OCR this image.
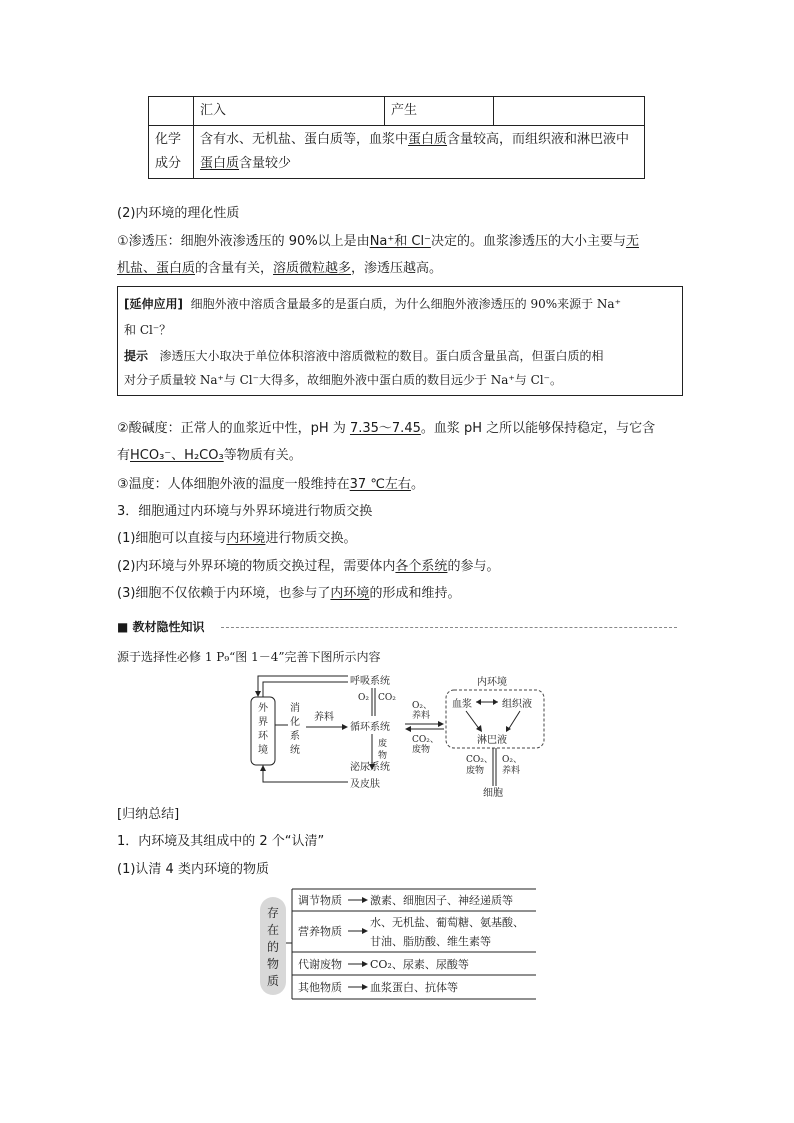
	汇入	产生	
化学
成分	含有水、无机盐、蛋白质等，血浆中蛋白质含量较高，而组织液和淋巴液中蛋白质含量较少		
(2)内环境的理化性质
①渗透压：细胞外液渗透压的 90%以上是由Na⁺和 Cl⁻决定的。血浆渗透压的大小主要与无
机盐、蛋白质的含量有关，溶质微粒越多，渗透压越高。
[延伸应用] 细胞外液中溶质含量最多的是蛋白质，为什么细胞外液渗透压的 90%来源于 Na⁺
和 Cl⁻？
提示 渗透压大小取决于单位体积溶液中溶质微粒的数目。蛋白质含量虽高，但蛋白质的相
对分子质量较 Na⁺与 Cl⁻大得多，故细胞外液中蛋白质的数目远少于 Na⁺与 Cl⁻。
②酸碱度：正常人的血浆近中性，pH 为 7.35～7.45。血浆 pH 之所以能够保持稳定，与它含
有HCO₃⁻、H₂CO₃等物质有关。
③温度：人体细胞外液的温度一般维持在37 ℃左右。
3．细胞通过内环境与外界环境进行物质交换
(1)细胞可以直接与内环境进行物质交换。
(2)内环境与外界环境的物质交换过程，需要体内各个系统的参与。
(3)细胞不仅依赖于内环境，也参与了内环境的形成和维持。
■ 教材隐性知识
源于选择性必修 1 P₉“图 1－4”完善下图所示内容
外
界
环
境
消
化
系
统
养料
呼吸系统
O₂ CO₂
循环系统
废
物
泌尿系统
及皮肤
O₂、
养料
CO₂、
废物
内环境
血浆	组织液
淋巴液
CO₂、
废物
O₂、
养料
细胞
[归纳总结]
1．内环境及其组成中的 2 个“认清”
(1)认清 4 类内环境的物质
存
在
的
物
质
调节物质	激素、细胞因子、神经递质等
营养物质
水、无机盐、葡萄糖、氨基酸、
甘油、脂肪酸、维生素等
代谢废物	CO₂、尿素、尿酸等
其他物质	血浆蛋白、抗体等
